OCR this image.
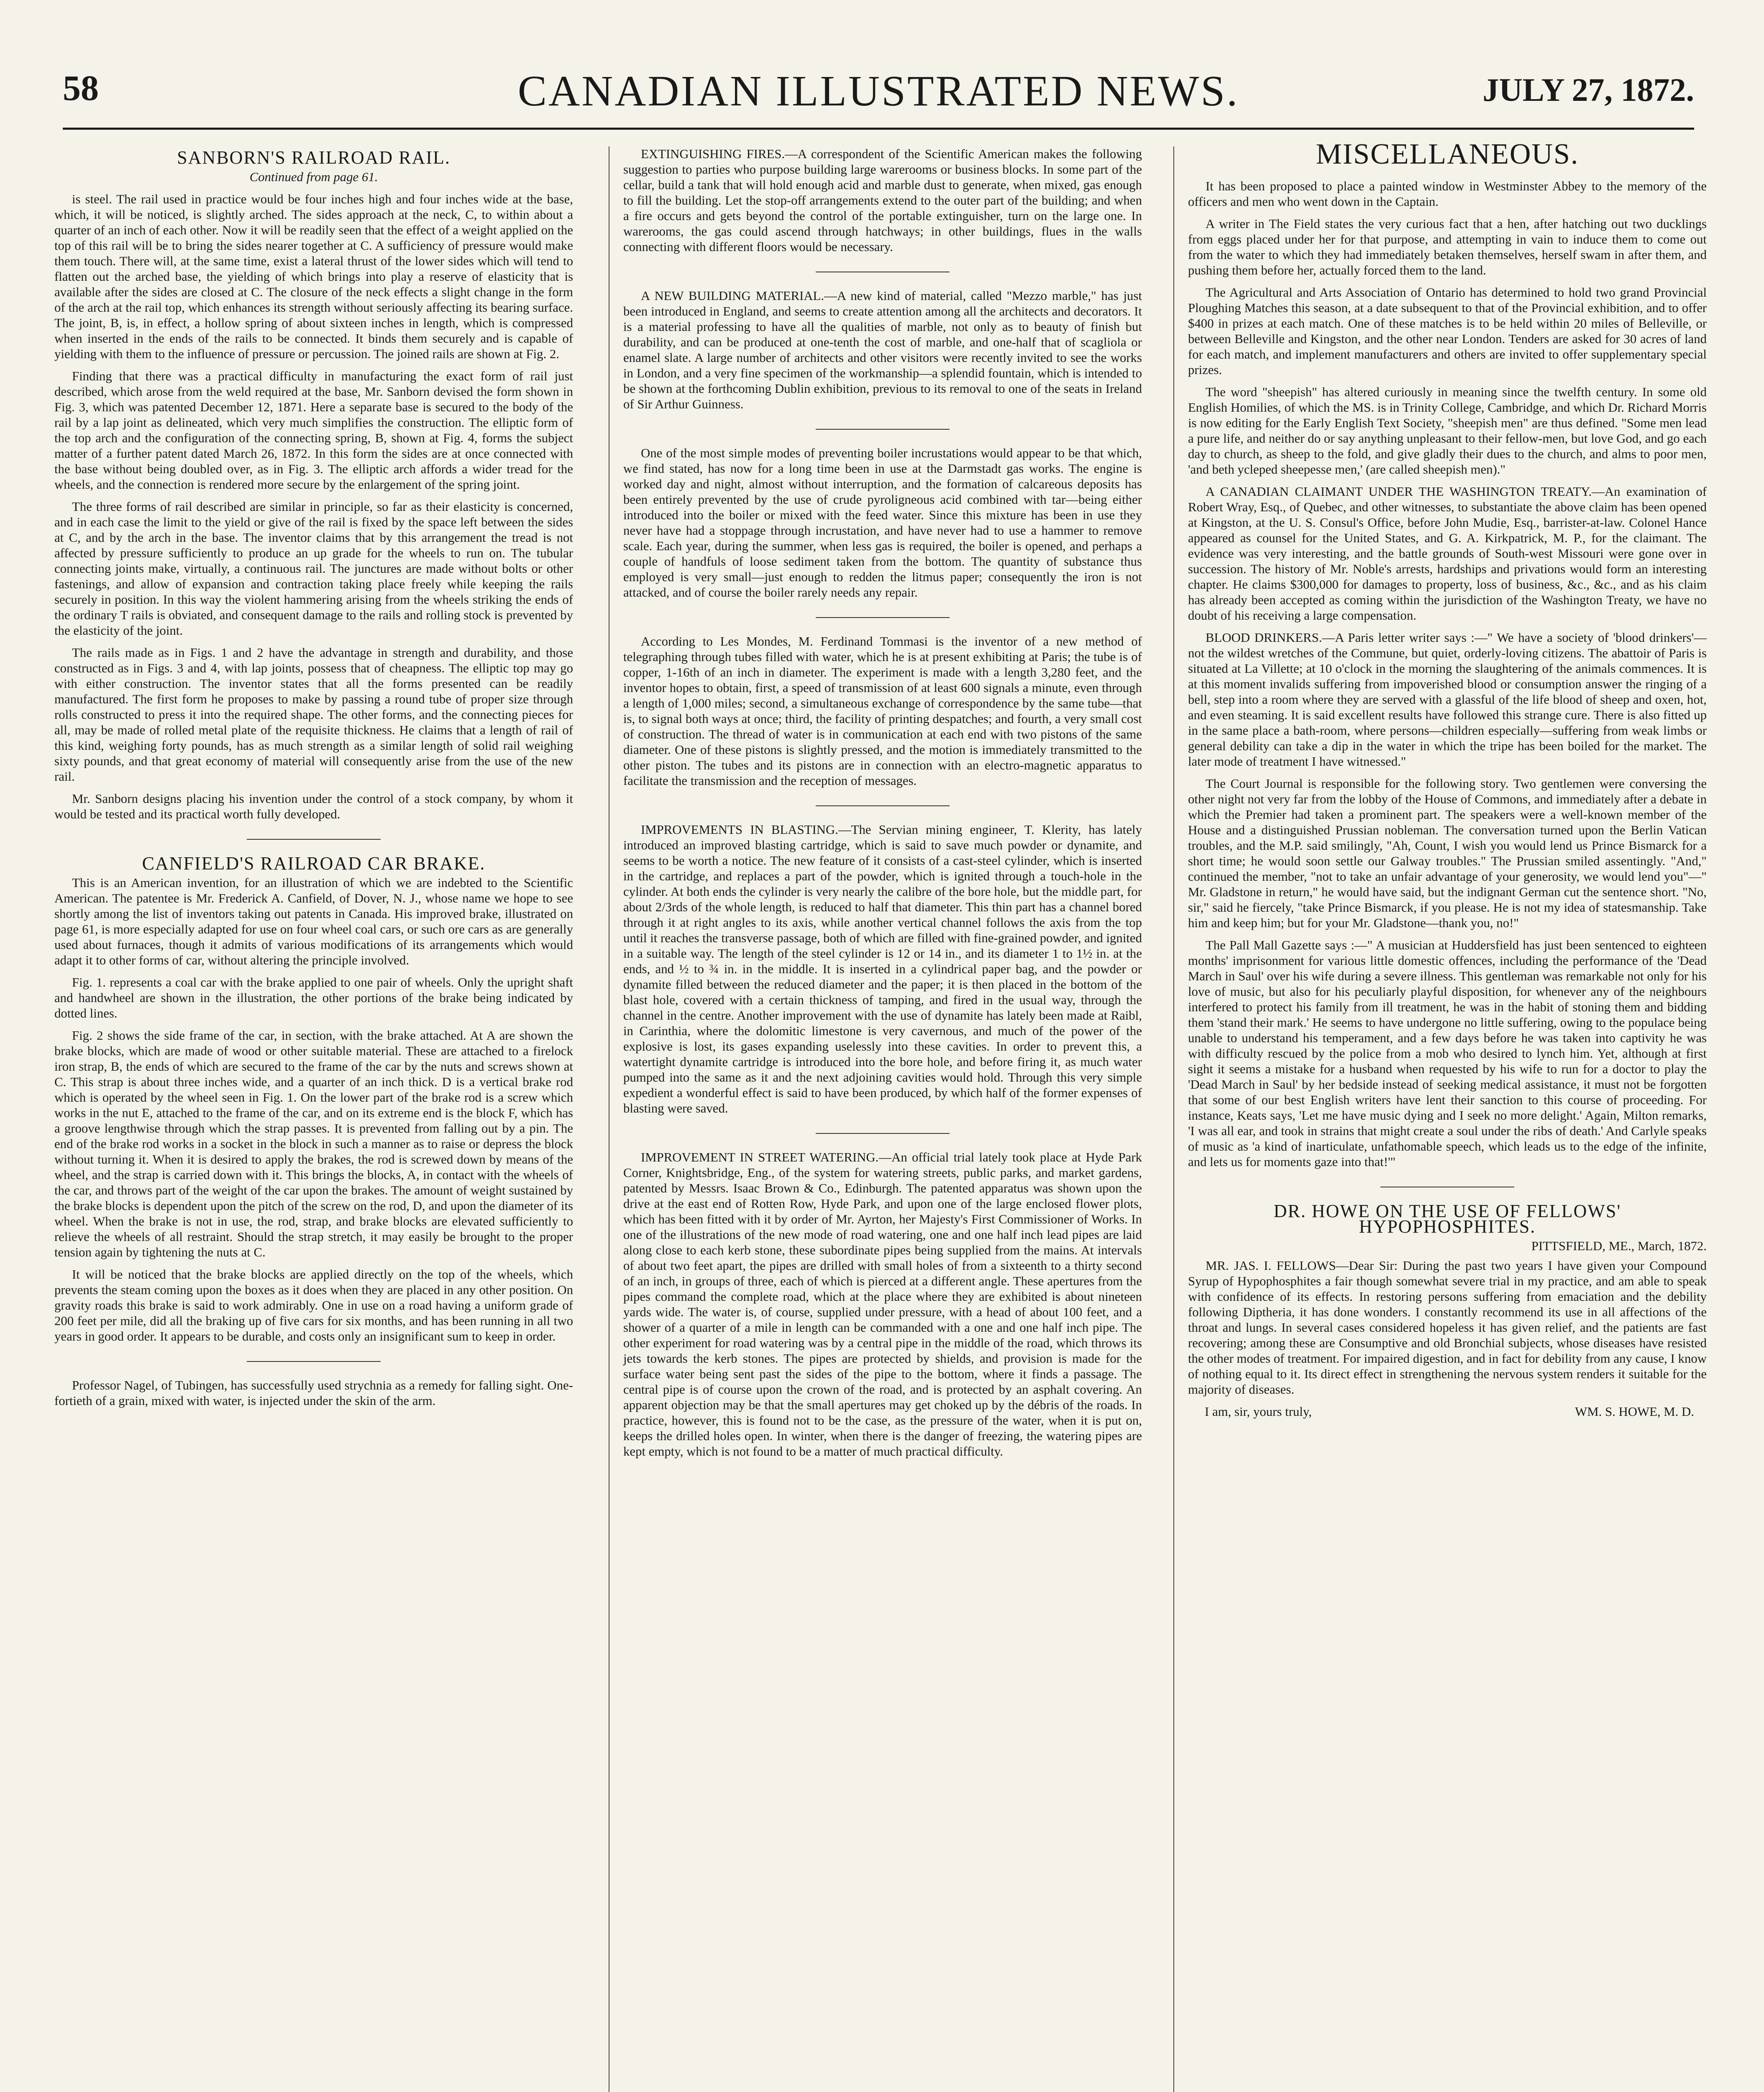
58	CANADIAN ILLUSTRATED NEWS.	JULY 27, 1872.
SANBORN'S RAILROAD RAIL.
Continued from page 61.

is steel. The rail used in practice would be four inches high and four inches wide at the base, which, it will be noticed, is slightly arched. The sides approach at the neck, C, to within about a quarter of an inch of each other. Now it will be readily seen that the effect of a weight applied on the top of this rail will be to bring the sides nearer together at C. A sufficiency of pressure would make them touch. There will, at the same time, exist a lateral thrust of the lower sides which will tend to flatten out the arched base, the yielding of which brings into play a reserve of elasticity that is available after the sides are closed at C. The closure of the neck effects a slight change in the form of the arch at the rail top, which enhances its strength without seriously affecting its bearing surface. The joint, B, is, in effect, a hollow spring of about sixteen inches in length, which is compressed when inserted in the ends of the rails to be connected. It binds them securely and is capable of yielding with them to the influence of pressure or percussion. The joined rails are shown at Fig. 2.

Finding that there was a practical difficulty in manufacturing the exact form of rail just described, which arose from the weld required at the base, Mr. Sanborn devised the form shown in Fig. 3, which was patented December 12, 1871. Here a separate base is secured to the body of the rail by a lap joint as delineated, which very much simplifies the construction. The elliptic form of the top arch and the configuration of the connecting spring, B, shown at Fig. 4, forms the subject matter of a further patent dated March 26, 1872. In this form the sides are at once connected with the base without being doubled over, as in Fig. 3. The elliptic arch affords a wider tread for the wheels, and the connection is rendered more secure by the enlargement of the spring joint.

The three forms of rail described are similar in principle, so far as their elasticity is concerned, and in each case the limit to the yield or give of the rail is fixed by the space left between the sides at C, and by the arch in the base. The inventor claims that by this arrangement the tread is not affected by pressure sufficiently to produce an up grade for the wheels to run on. The tubular connecting joints make, virtually, a continuous rail. The junctures are made without bolts or other fastenings, and allow of expansion and contraction taking place freely while keeping the rails securely in position. In this way the violent hammering arising from the wheels striking the ends of the ordinary T rails is obviated, and consequent damage to the rails and rolling stock is prevented by the elasticity of the joint.

The rails made as in Figs. 1 and 2 have the advantage in strength and durability, and those constructed as in Figs. 3 and 4, with lap joints, possess that of cheapness. The elliptic top may go with either construction. The inventor states that all the forms presented can be readily manufactured. The first form he proposes to make by passing a round tube of proper size through rolls constructed to press it into the required shape. The other forms, and the connecting pieces for all, may be made of rolled metal plate of the requisite thickness. He claims that a length of rail of this kind, weighing forty pounds, has as much strength as a similar length of solid rail weighing sixty pounds, and that great economy of material will consequently arise from the use of the new rail.

Mr. Sanborn designs placing his invention under the control of a stock company, by whom it would be tested and its practical worth fully developed.

CANFIELD'S RAILROAD CAR BRAKE.

This is an American invention, for an illustration of which we are indebted to the Scientific American. The patentee is Mr. Frederick A. Canfield, of Dover, N. J., whose name we hope to see shortly among the list of inventors taking out patents in Canada. His improved brake, illustrated on page 61, is more especially adapted for use on four wheel coal cars, or such ore cars as are generally used about furnaces, though it admits of various modifications of its arrangements which would adapt it to other forms of car, without altering the principle involved.

Fig. 1. represents a coal car with the brake applied to one pair of wheels. Only the upright shaft and handwheel are shown in the illustration, the other portions of the brake being indicated by dotted lines.

Fig. 2 shows the side frame of the car, in section, with the brake attached. At A are shown the brake blocks, which are made of wood or other suitable material. These are attached to a firelock iron strap, B, the ends of which are secured to the frame of the car by the nuts and screws shown at C. This strap is about three inches wide, and a quarter of an inch thick. D is a vertical brake rod which is operated by the wheel seen in Fig. 1. On the lower part of the brake rod is a screw which works in the nut E, attached to the frame of the car, and on its extreme end is the block F, which has a groove lengthwise through which the strap passes. It is prevented from falling out by a pin. The end of the brake rod works in a socket in the block in such a manner as to raise or depress the block without turning it. When it is desired to apply the brakes, the rod is screwed down by means of the wheel, and the strap is carried down with it. This brings the blocks, A, in contact with the wheels of the car, and throws part of the weight of the car upon the brakes. The amount of weight sustained by the brake blocks is dependent upon the pitch of the screw on the rod, D, and upon the diameter of its wheel. When the brake is not in use, the rod, strap, and brake blocks are elevated sufficiently to relieve the wheels of all restraint. Should the strap stretch, it may easily be brought to the proper tension again by tightening the nuts at C.

It will be noticed that the brake blocks are applied directly on the top of the wheels, which prevents the steam coming upon the boxes as it does when they are placed in any other position. On gravity roads this brake is said to work admirably. One in use on a road having a uniform grade of 200 feet per mile, did all the braking up of five cars for six months, and has been running in all two years in good order. It appears to be durable, and costs only an insignificant sum to keep in order.

Professor Nagel, of Tubingen, has successfully used strychnia as a remedy for falling sight. One-fortieth of a grain, mixed with water, is injected under the skin of the arm.

EXTINGUISHING FIRES.—A correspondent of the Scientific American makes the following suggestion to parties who purpose building large warerooms or business blocks. In some part of the cellar, build a tank that will hold enough acid and marble dust to generate, when mixed, gas enough to fill the building. Let the stop-off arrangements extend to the outer part of the building; and when a fire occurs and gets beyond the control of the portable extinguisher, turn on the large one. In warerooms, the gas could ascend through hatchways; in other buildings, flues in the walls connecting with different floors would be necessary.

A NEW BUILDING MATERIAL.—A new kind of material, called "Mezzo marble," has just been introduced in England, and seems to create attention among all the architects and decorators. It is a material professing to have all the qualities of marble, not only as to beauty of finish but durability, and can be produced at one-tenth the cost of marble, and one-half that of scagliola or enamel slate. A large number of architects and other visitors were recently invited to see the works in London, and a very fine specimen of the workmanship—a splendid fountain, which is intended to be shown at the forthcoming Dublin exhibition, previous to its removal to one of the seats in Ireland of Sir Arthur Guinness.

One of the most simple modes of preventing boiler incrustations would appear to be that which, we find stated, has now for a long time been in use at the Darmstadt gas works. The engine is worked day and night, almost without interruption, and the formation of calcareous deposits has been entirely prevented by the use of crude pyroligneous acid combined with tar—being either introduced into the boiler or mixed with the feed water. Since this mixture has been in use they never have had a stoppage through incrustation, and have never had to use a hammer to remove scale. Each year, during the summer, when less gas is required, the boiler is opened, and perhaps a couple of handfuls of loose sediment taken from the bottom. The quantity of substance thus employed is very small—just enough to redden the litmus paper; consequently the iron is not attacked, and of course the boiler rarely needs any repair.

According to Les Mondes, M. Ferdinand Tommasi is the inventor of a new method of telegraphing through tubes filled with water, which he is at present exhibiting at Paris; the tube is of copper, 1-16th of an inch in diameter. The experiment is made with a length 3,280 feet, and the inventor hopes to obtain, first, a speed of transmission of at least 600 signals a minute, even through a length of 1,000 miles; second, a simultaneous exchange of correspondence by the same tube—that is, to signal both ways at once; third, the facility of printing despatches; and fourth, a very small cost of construction. The thread of water is in communication at each end with two pistons of the same diameter. One of these pistons is slightly pressed, and the motion is immediately transmitted to the other piston. The tubes and its pistons are in connection with an electro-magnetic apparatus to facilitate the transmission and the reception of messages.

IMPROVEMENTS IN BLASTING.—The Servian mining engineer, T. Klerity, has lately introduced an improved blasting cartridge, which is said to save much powder or dynamite, and seems to be worth a notice. The new feature of it consists of a cast-steel cylinder, which is inserted in the cartridge, and replaces a part of the powder, which is ignited through a touch-hole in the cylinder. At both ends the cylinder is very nearly the calibre of the bore hole, but the middle part, for about 2/3rds of the whole length, is reduced to half that diameter. This thin part has a channel bored through it at right angles to its axis, while another vertical channel follows the axis from the top until it reaches the transverse passage, both of which are filled with fine-grained powder, and ignited in a suitable way. The length of the steel cylinder is 12 or 14 in., and its diameter 1 to 1½ in. at the ends, and ½ to ¾ in. in the middle. It is inserted in a cylindrical paper bag, and the powder or dynamite filled between the reduced diameter and the paper; it is then placed in the bottom of the blast hole, covered with a certain thickness of tamping, and fired in the usual way, through the channel in the centre. Another improvement with the use of dynamite has lately been made at Raibl, in Carinthia, where the dolomitic limestone is very cavernous, and much of the power of the explosive is lost, its gases expanding uselessly into these cavities. In order to prevent this, a watertight dynamite cartridge is introduced into the bore hole, and before firing it, as much water pumped into the same as it and the next adjoining cavities would hold. Through this very simple expedient a wonderful effect is said to have been produced, by which half of the former expenses of blasting were saved.

IMPROVEMENT IN STREET WATERING.—An official trial lately took place at Hyde Park Corner, Knightsbridge, Eng., of the system for watering streets, public parks, and market gardens, patented by Messrs. Isaac Brown & Co., Edinburgh. The patented apparatus was shown upon the drive at the east end of Rotten Row, Hyde Park, and upon one of the large enclosed flower plots, which has been fitted with it by order of Mr. Ayrton, her Majesty's First Commissioner of Works. In one of the illustrations of the new mode of road watering, one and one half inch lead pipes are laid along close to each kerb stone, these subordinate pipes being supplied from the mains. At intervals of about two feet apart, the pipes are drilled with small holes of from a sixteenth to a thirty second of an inch, in groups of three, each of which is pierced at a different angle. These apertures from the pipes command the complete road, which at the place where they are exhibited is about nineteen yards wide. The water is, of course, supplied under pressure, with a head of about 100 feet, and a shower of a quarter of a mile in length can be commanded with a one and one half inch pipe. The other experiment for road watering was by a central pipe in the middle of the road, which throws its jets towards the kerb stones. The pipes are protected by shields, and provision is made for the surface water being sent past the sides of the pipe to the bottom, where it finds a passage. The central pipe is of course upon the crown of the road, and is protected by an asphalt covering. An apparent objection may be that the small apertures may get choked up by the débris of the roads. In practice, however, this is found not to be the case, as the pressure of the water, when it is put on, keeps the drilled holes open. In winter, when there is the danger of freezing, the watering pipes are kept empty, which is not found to be a matter of much practical difficulty.

MISCELLANEOUS.

It has been proposed to place a painted window in Westminster Abbey to the memory of the officers and men who went down in the Captain.

A writer in The Field states the very curious fact that a hen, after hatching out two ducklings from eggs placed under her for that purpose, and attempting in vain to induce them to come out from the water to which they had immediately betaken themselves, herself swam in after them, and pushing them before her, actually forced them to the land.

The Agricultural and Arts Association of Ontario has determined to hold two grand Provincial Ploughing Matches this season, at a date subsequent to that of the Provincial exhibition, and to offer $400 in prizes at each match. One of these matches is to be held within 20 miles of Belleville, or between Belleville and Kingston, and the other near London. Tenders are asked for 30 acres of land for each match, and implement manufacturers and others are invited to offer supplementary special prizes.

The word "sheepish" has altered curiously in meaning since the twelfth century. In some old English Homilies, of which the MS. is in Trinity College, Cambridge, and which Dr. Richard Morris is now editing for the Early English Text Society, "sheepish men" are thus defined. "Some men lead a pure life, and neither do or say anything unpleasant to their fellow-men, but love God, and go each day to church, as sheep to the fold, and give gladly their dues to the church, and alms to poor men, 'and beth ycleped sheepesse men,' (are called sheepish men)."

A CANADIAN CLAIMANT UNDER THE WASHINGTON TREATY.—An examination of Robert Wray, Esq., of Quebec, and other witnesses, to substantiate the above claim has been opened at Kingston, at the U. S. Consul's Office, before John Mudie, Esq., barrister-at-law. Colonel Hance appeared as counsel for the United States, and G. A. Kirkpatrick, M. P., for the claimant. The evidence was very interesting, and the battle grounds of South-west Missouri were gone over in succession. The history of Mr. Noble's arrests, hardships and privations would form an interesting chapter. He claims $300,000 for damages to property, loss of business, &c., &c., and as his claim has already been accepted as coming within the jurisdiction of the Washington Treaty, we have no doubt of his receiving a large compensation.

BLOOD DRINKERS.—A Paris letter writer says :—" We have a society of 'blood drinkers'—not the wildest wretches of the Commune, but quiet, orderly-loving citizens. The abattoir of Paris is situated at La Villette; at 10 o'clock in the morning the slaughtering of the animals commences. It is at this moment invalids suffering from impoverished blood or consumption answer the ringing of a bell, step into a room where they are served with a glassful of the life blood of sheep and oxen, hot, and even steaming. It is said excellent results have followed this strange cure. There is also fitted up in the same place a bath-room, where persons—children especially—suffering from weak limbs or general debility can take a dip in the water in which the tripe has been boiled for the market. The later mode of treatment I have witnessed."

The Court Journal is responsible for the following story. Two gentlemen were conversing the other night not very far from the lobby of the House of Commons, and immediately after a debate in which the Premier had taken a prominent part. The speakers were a well-known member of the House and a distinguished Prussian nobleman. The conversation turned upon the Berlin Vatican troubles, and the M.P. said smilingly, "Ah, Count, I wish you would lend us Prince Bismarck for a short time; he would soon settle our Galway troubles." The Prussian smiled assentingly. "And," continued the member, "not to take an unfair advantage of your generosity, we would lend you"—" Mr. Gladstone in return," he would have said, but the indignant German cut the sentence short. "No, sir," said he fiercely, "take Prince Bismarck, if you please. He is not my idea of statesmanship. Take him and keep him; but for your Mr. Gladstone—thank you, no!"

The Pall Mall Gazette says :—" A musician at Huddersfield has just been sentenced to eighteen months' imprisonment for various little domestic offences, including the performance of the 'Dead March in Saul' over his wife during a severe illness. This gentleman was remarkable not only for his love of music, but also for his peculiarly playful disposition, for whenever any of the neighbours interfered to protect his family from ill treatment, he was in the habit of stoning them and bidding them 'stand their mark.' He seems to have undergone no little suffering, owing to the populace being unable to understand his temperament, and a few days before he was taken into captivity he was with difficulty rescued by the police from a mob who desired to lynch him. Yet, although at first sight it seems a mistake for a husband when requested by his wife to run for a doctor to play the 'Dead March in Saul' by her bedside instead of seeking medical assistance, it must not be forgotten that some of our best English writers have lent their sanction to this course of proceeding. For instance, Keats says, 'Let me have music dying and I seek no more delight.' Again, Milton remarks, 'I was all ear, and took in strains that might create a soul under the ribs of death.' And Carlyle speaks of music as 'a kind of inarticulate, unfathomable speech, which leads us to the edge of the infinite, and lets us for moments gaze into that!'"

DR. HOWE ON THE USE OF FELLOWS' HYPOPHOSPHITES.
PITTSFIELD, ME., March, 1872.

MR. JAS. I. FELLOWS—Dear Sir: During the past two years I have given your Compound Syrup of Hypophosphites a fair though somewhat severe trial in my practice, and am able to speak with confidence of its effects. In restoring persons suffering from emaciation and the debility following Diptheria, it has done wonders. I constantly recommend its use in all affections of the throat and lungs. In several cases considered hopeless it has given relief, and the patients are fast recovering; among these are Consumptive and old Bronchial subjects, whose diseases have resisted the other modes of treatment. For impaired digestion, and in fact for debility from any cause, I know of nothing equal to it. Its direct effect in strengthening the nervous system renders it suitable for the majority of diseases.

I am, sir, yours truly,	WM. S. HOWE, M. D.
